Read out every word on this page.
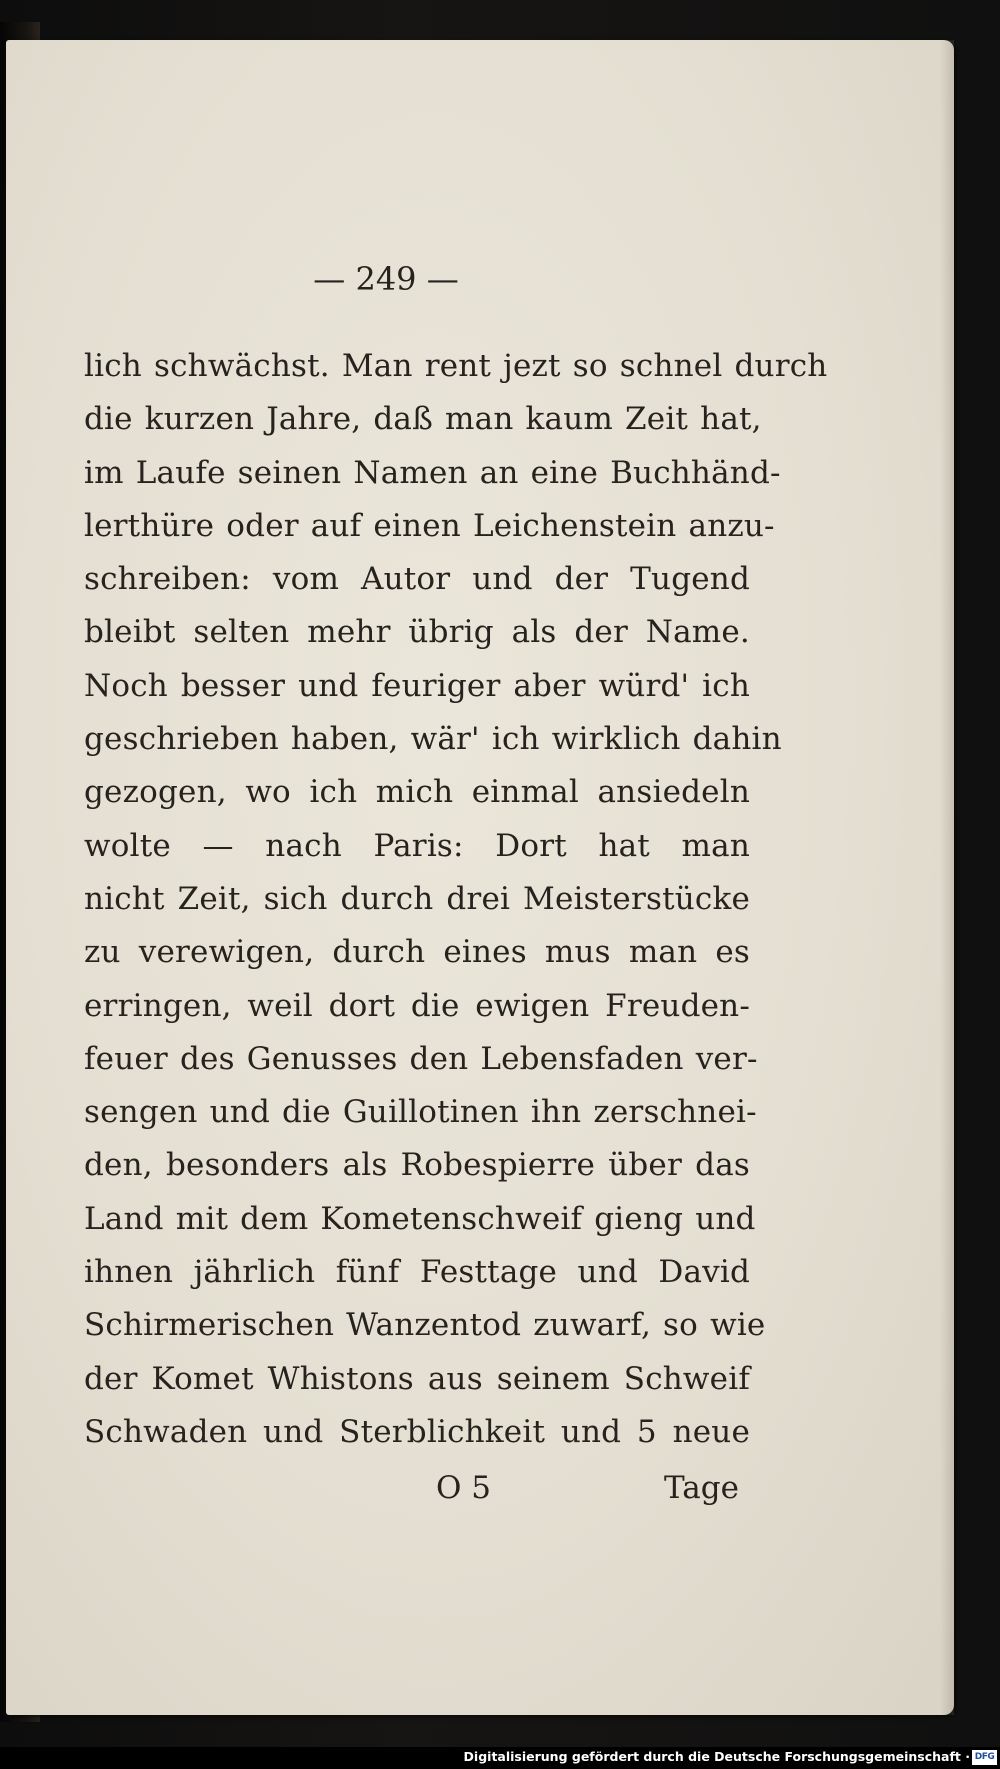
— 249 —
lich schwächst. Man rent jezt so schnel durch
die kurzen Jahre, daß man kaum Zeit hat,
im Laufe seinen Namen an eine Buchhänd-
lerthüre oder auf einen Leichenstein anzu-
schreiben: vom Autor und der Tugend
bleibt selten mehr übrig als der Name.
Noch besser und feuriger aber würd' ich
geschrieben haben, wär' ich wirklich dahin
gezogen, wo ich mich einmal ansiedeln
wolte — nach Paris: Dort hat man
nicht Zeit, sich durch drei Meisterstücke
zu verewigen, durch eines mus man es
erringen, weil dort die ewigen Freuden-
feuer des Genusses den Lebensfaden ver-
sengen und die Guillotinen ihn zerschnei-
den, besonders als Robespierre über das
Land mit dem Kometenschweif gieng und
ihnen jährlich fünf Festtage und David
Schirmerischen Wanzentod zuwarf, so wie
der Komet Whistons aus seinem Schweif
Schwaden und Sterblichkeit und 5 neue
O 5	Tage
Digitalisierung gefördert durch die Deutsche Forschungsgemeinschaft · DFG
